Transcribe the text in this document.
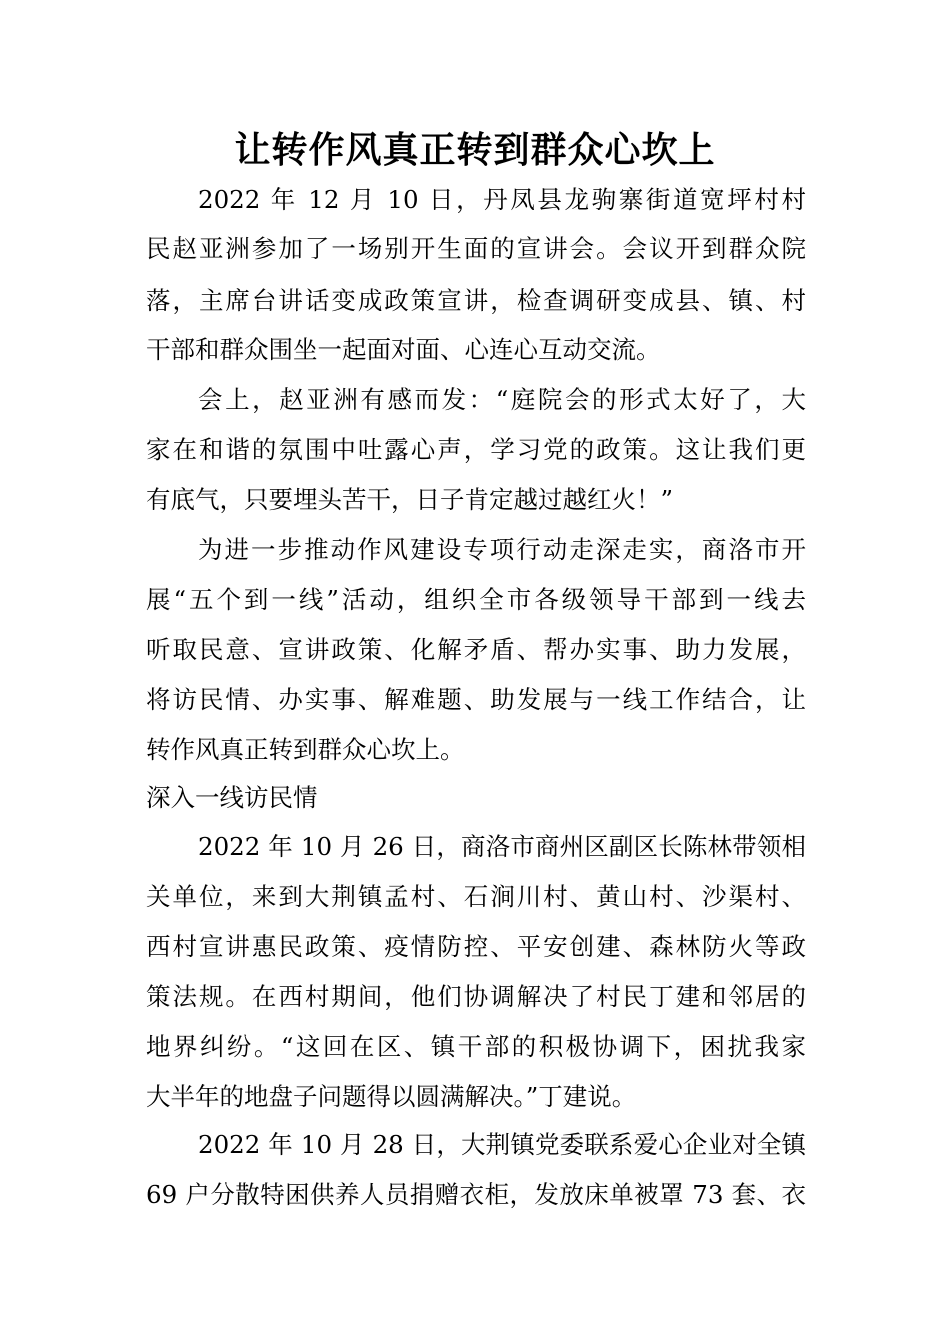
让转作风真正转到群众心坎上
2022 年 12 月 10 日，丹凤县龙驹寨街道宽坪村村
民赵亚洲参加了一场别开生面的宣讲会。会议开到群众院
落，主席台讲话变成政策宣讲，检查调研变成县、镇、村
干部和群众围坐一起面对面、心连心互动交流。
会上，赵亚洲有感而发：“庭院会的形式太好了，大
家在和谐的氛围中吐露心声，学习党的政策。这让我们更
有底气，只要埋头苦干，日子肯定越过越红火！”
为进一步推动作风建设专项行动走深走实，商洛市开
展“五个到一线”活动，组织全市各级领导干部到一线去
听取民意、宣讲政策、化解矛盾、帮办实事、助力发展，
将访民情、办实事、解难题、助发展与一线工作结合，让
转作风真正转到群众心坎上。
深入一线访民情
2022 年 10 月 26 日，商洛市商州区副区长陈林带领相
关单位，来到大荆镇孟村、石涧川村、黄山村、沙渠村、
西村宣讲惠民政策、疫情防控、平安创建、森林防火等政
策法规。在西村期间，他们协调解决了村民丁建和邻居的
地界纠纷。“这回在区、镇干部的积极协调下，困扰我家
大半年的地盘子问题得以圆满解决。”丁建说。
2022 年 10 月 28 日，大荆镇党委联系爱心企业对全镇
69 户分散特困供养人员捐赠衣柜，发放床单被罩 73 套、衣
